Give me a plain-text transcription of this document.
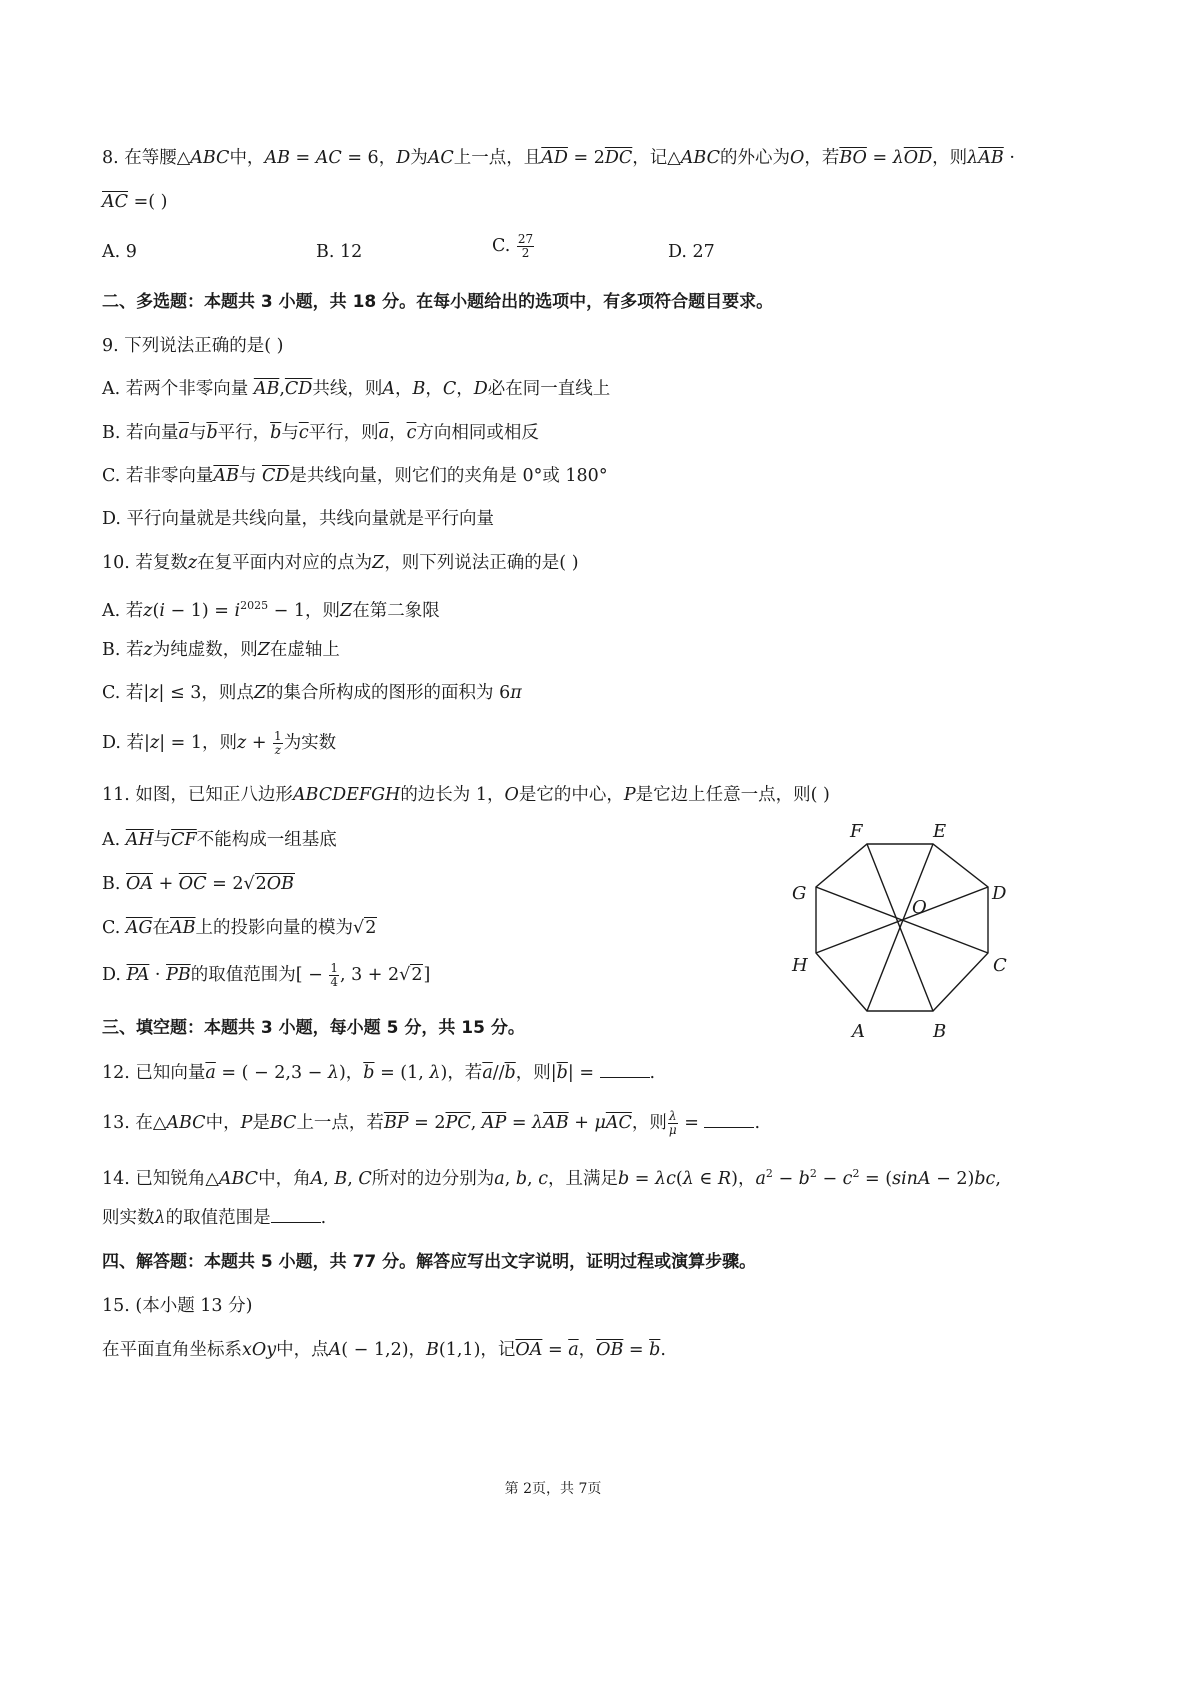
8. 在等腰△ABC中，AB = AC = 6，D为AC上一点，且$\overline{AD} = 2\overline{DC}$，记△ABC的外心为O，若$\overline{BO} = \lambda\overline{OD}$，则$\lambda\overline{AB}$ ·
$\overline{AC}$ =( )
A. 9	B. 12	C. $\frac{27}{2}$	D. 27
二、多选题：本题共 3 小题，共 18 分。在每小题给出的选项中，有多项符合题目要求。
9. 下列说法正确的是( )
A. 若两个非零向量 $\overline{AB},\overline{CD}$共线，则A，B，C，D必在同一直线上
B. 若向量$\overline{a}$与$\overline{b}$平行，$\overline{b}$与$\overline{c}$平行，则$\overline{a}$，$\overline{c}$方向相同或相反
C. 若非零向量$\overline{AB}$与 $\overline{CD}$是共线向量，则它们的夹角是 0°或 180°
D. 平行向量就是共线向量，共线向量就是平行向量
10. 若复数z在复平面内对应的点为Z，则下列说法正确的是( )
A. 若$z(i - 1) = i^{2025} - 1$，则Z在第二象限
B. 若z为纯虚数，则Z在虚轴上
C. 若|z| ≤ 3，则点Z的集合所构成的图形的面积为 6π
D. 若|z| = 1，则$z + \frac{1}{z}$ 为实数
11. 如图，已知正八边形ABCDEFGH的边长为 1，O是它的中心，P是它边上任意一点，则( )
A. $\overline{AH}$与$\overline{CF}$不能构成一组基底
B. $\overline{OA} + \overline{OC} = 2√2\overline{OB}$
C. $\overline{AG}$在$\overline{AB}$上的投影向量的模为√2
D. $\overline{PA} \cdot \overline{PB}$的取值范围为[ − $\frac{1}{4}$ , 3 + 2√2]
F	E
D
C
B
A
H
G
O
三、填空题：本题共 3 小题，每小题 5 分，共 15 分。
12. 已知向量$\overline{a}$ = ( − 2,3 − λ)，$\overline{b} = (1$, λ)，若$\overline{a}//\overline{b}$，则$|\overline{b}|$ =	.
13. 在△ABC中，P是BC上一点，若$\overline{BP} = 2\overline{PC}$, $\overline{AP} = \lambda\overline{AB} + \mu\overline{AC}$，则 $\frac{\lambda}{\mu}$ =	.
14. 已知锐角△ABC中，角A, B, C所对的边分别为a, b, c，且满足b = λc(λ ∈ R)，$a^2 - b^2 - c^2 = (\sin A - 2)bc$,
则实数λ的取值范围是	.
四、解答题：本题共 5 小题，共 77 分。解答应写出文字说明，证明过程或演算步骤。
15. (本小题 13 分)
在平面直角坐标系xOy中，点A( − 1,2)，B(1,1)，记$\overline{OA} = \overline{a}$，$\overline{OB} = \overline{b}$.
第 2页，共 7页
